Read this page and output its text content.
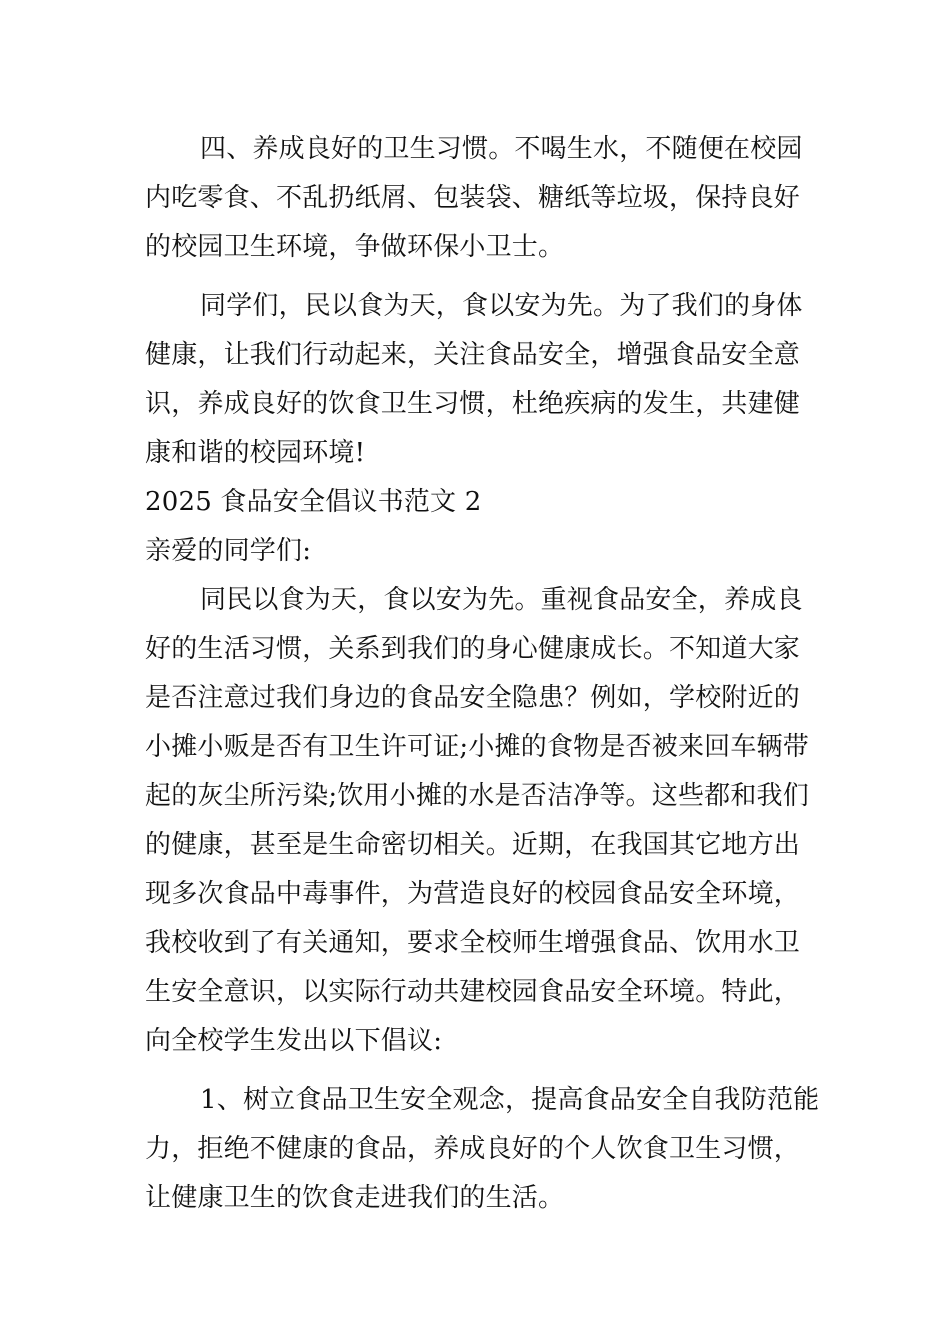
四、养成良好的卫生习惯。不喝生水，不随便在校园
内吃零食、不乱扔纸屑、包装袋、糖纸等垃圾，保持良好
的校园卫生环境，争做环保小卫士。
同学们，民以食为天，食以安为先。为了我们的身体
健康，让我们行动起来，关注食品安全，增强食品安全意
识，养成良好的饮食卫生习惯，杜绝疾病的发生，共建健
康和谐的校园环境!
2025 食品安全倡议书范文 2
亲爱的同学们:
同民以食为天，食以安为先。重视食品安全，养成良
好的生活习惯，关系到我们的身心健康成长。不知道大家
是否注意过我们身边的食品安全隐患？例如，学校附近的
小摊小贩是否有卫生许可证;小摊的食物是否被来回车辆带
起的灰尘所污染;饮用小摊的水是否洁净等。这些都和我们
的健康，甚至是生命密切相关。近期，在我国其它地方出
现多次食品中毒事件，为营造良好的校园食品安全环境，
我校收到了有关通知，要求全校师生增强食品、饮用水卫
生安全意识，以实际行动共建校园食品安全环境。特此，
向全校学生发出以下倡议:
1、树立食品卫生安全观念，提高食品安全自我防范能
力，拒绝不健康的食品，养成良好的个人饮食卫生习惯，
让健康卫生的饮食走进我们的生活。
